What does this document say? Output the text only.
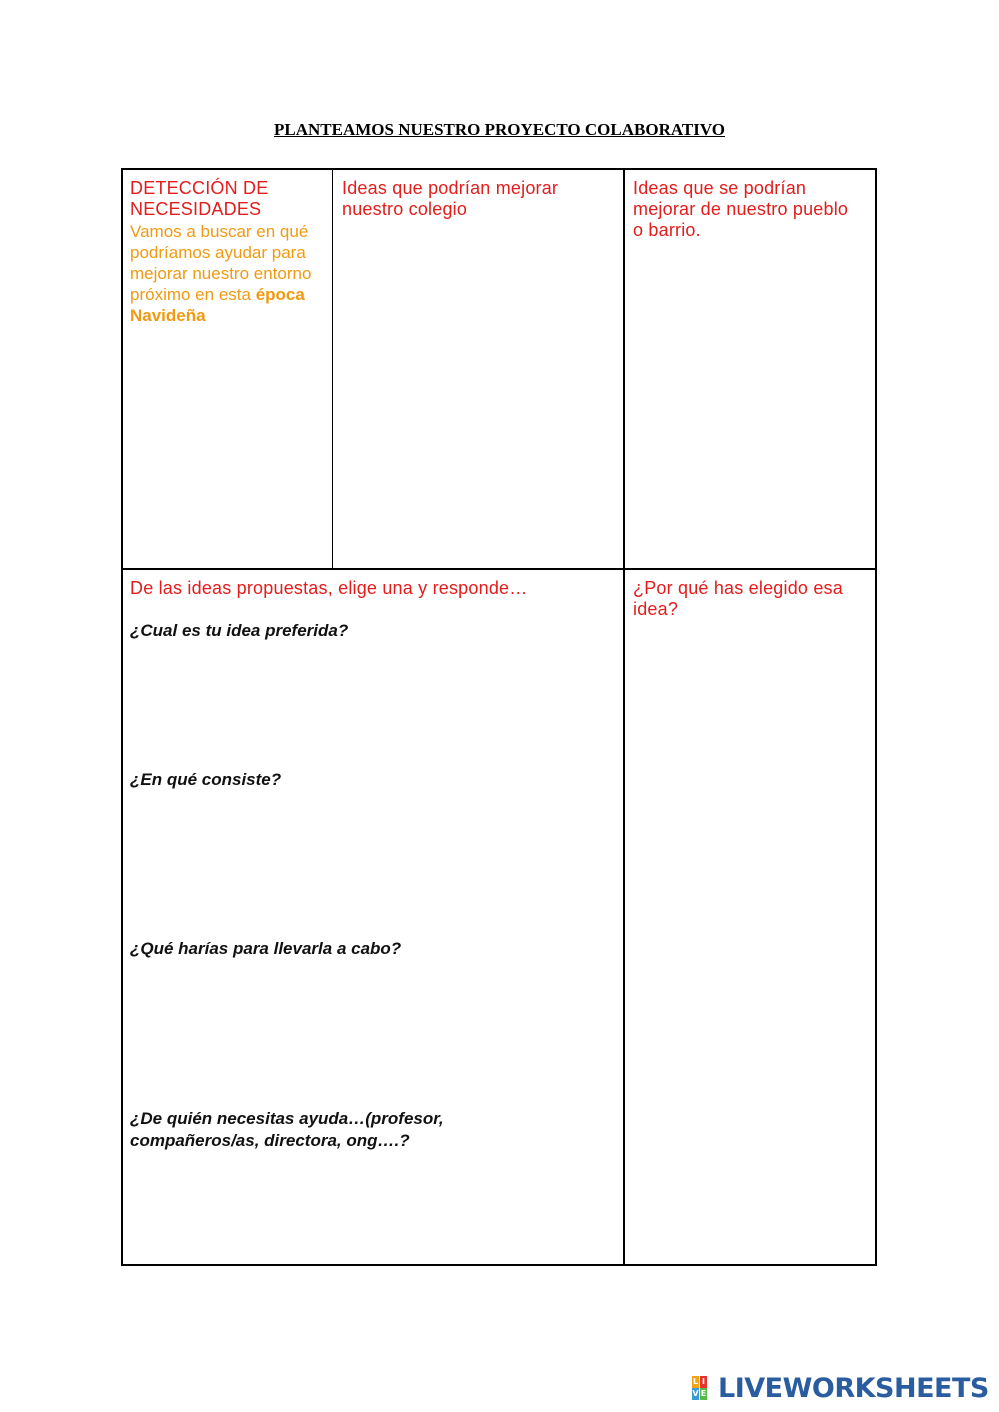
PLANTEAMOS NUESTRO PROYECTO COLABORATIVO
DETECCIÓN DE NECESIDADES
Vamos a buscar en qué podríamos ayudar para mejorar nuestro entorno próximo en esta época Navideña
Ideas que podrían mejorar nuestro colegio
Ideas que se podrían mejorar de nuestro pueblo o barrio.
De las ideas propuestas, elige una y responde…
¿Cual es tu idea preferida?
¿En qué consiste?
¿Qué harías para llevarla a cabo?
¿De quién necesitas ayuda…(profesor,
compañeros/as, directora, ong….?
¿Por qué has elegido esa idea?
L I
V E LIVEWORKSHEETS
